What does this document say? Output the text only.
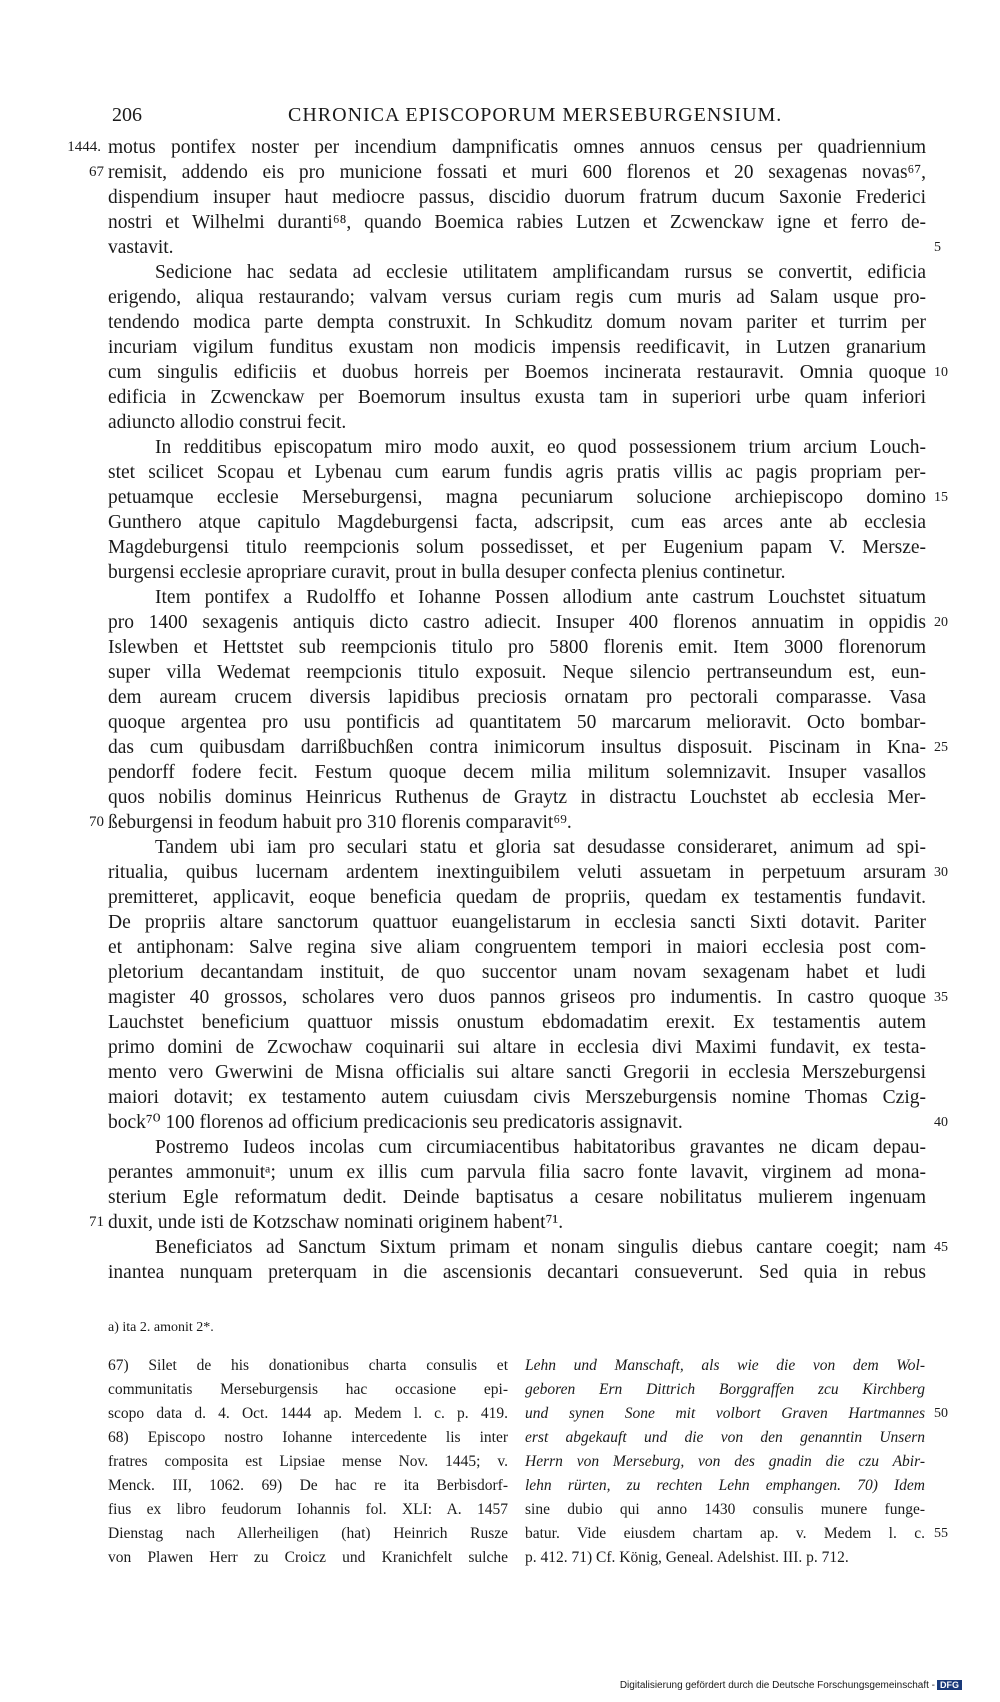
206	CHRONICA EPISCOPORUM MERSEBURGENSIUM.
1444.
67
70
71
5
10
15
20
25
30
35
40
45
motus pontifex noster per incendium dampnificatis omnes annuos census per quadriennium
remisit, addendo eis pro municione fossati et muri 600 florenos et 20 sexagenas novas⁶⁷,
dispendium insuper haut mediocre passus, discidio duorum fratrum ducum Saxonie Frederici
nostri et Wilhelmi duranti⁶⁸, quando Boemica rabies Lutzen et Zcwenckaw igne et ferro de-
vastavit.
Sedicione hac sedata ad ecclesie utilitatem amplificandam rursus se convertit, edificia
erigendo, aliqua restaurando; valvam versus curiam regis cum muris ad Salam usque pro-
tendendo modica parte dempta construxit. In Schkuditz domum novam pariter et turrim per
incuriam vigilum funditus exustam non modicis impensis reedificavit, in Lutzen granarium
cum singulis edificiis et duobus horreis per Boemos incinerata restauravit. Omnia quoque
edificia in Zcwenckaw per Boemorum insultus exusta tam in superiori urbe quam inferiori
adiuncto allodio construi fecit.
In redditibus episcopatum miro modo auxit, eo quod possessionem trium arcium Louch-
stet scilicet Scopau et Lybenau cum earum fundis agris pratis villis ac pagis propriam per-
petuamque ecclesie Merseburgensi, magna pecuniarum solucione archiepiscopo domino
Gunthero atque capitulo Magdeburgensi facta, adscripsit, cum eas arces ante ab ecclesia
Magdeburgensi titulo reempcionis solum possedisset, et per Eugenium papam V. Mersze-
burgensi ecclesie apropriare curavit, prout in bulla desuper confecta plenius continetur.
Item pontifex a Rudolffo et Iohanne Possen allodium ante castrum Louchstet situatum
pro 1400 sexagenis antiquis dicto castro adiecit. Insuper 400 florenos annuatim in oppidis
Islewben et Hettstet sub reempcionis titulo pro 5800 florenis emit. Item 3000 florenorum
super villa Wedemat reempcionis titulo exposuit. Neque silencio pertranseundum est, eun-
dem auream crucem diversis lapidibus preciosis ornatam pro pectorali comparasse. Vasa
quoque argentea pro usu pontificis ad quantitatem 50 marcarum melioravit. Octo bombar-
das cum quibusdam darrißbuchßen contra inimicorum insultus disposuit. Piscinam in Kna-
pendorff fodere fecit. Festum quoque decem milia militum solemnizavit. Insuper vasallos
quos nobilis dominus Heinricus Ruthenus de Graytz in distractu Louchstet ab ecclesia Mer-
ßeburgensi in feodum habuit pro 310 florenis comparavit⁶⁹.
Tandem ubi iam pro seculari statu et gloria sat desudasse consideraret, animum ad spi-
ritualia, quibus lucernam ardentem inextinguibilem veluti assuetam in perpetuum arsuram
premitteret, applicavit, eoque beneficia quedam de propriis, quedam ex testamentis fundavit.
De propriis altare sanctorum quattuor euangelistarum in ecclesia sancti Sixti dotavit. Pariter
et antiphonam: Salve regina sive aliam congruentem tempori in maiori ecclesia post com-
pletorium decantandam instituit, de quo succentor unam novam sexagenam habet et ludi
magister 40 grossos, scholares vero duos pannos griseos pro indumentis. In castro quoque
Lauchstet beneficium quattuor missis onustum ebdomadatim erexit. Ex testamentis autem
primo domini de Zcwochaw coquinarii sui altare in ecclesia divi Maximi fundavit, ex testa-
mento vero Gwerwini de Misna officialis sui altare sancti Gregorii in ecclesia Merszeburgensi
maiori dotavit; ex testamento autem cuiusdam civis Merszeburgensis nomine Thomas Czig-
bock⁷⁰ 100 florenos ad officium predicacionis seu predicatoris assignavit.
Postremo Iudeos incolas cum circumiacentibus habitatoribus gravantes ne dicam depau-
perantes ammonuitᵃ; unum ex illis cum parvula filia sacro fonte lavavit, virginem ad mona-
sterium Egle reformatum dedit. Deinde baptisatus a cesare nobilitatus mulierem ingenuam
duxit, unde isti de Kotzschaw nominati originem habent⁷¹.
Beneficiatos ad Sanctum Sixtum primam et nonam singulis diebus cantare coegit; nam
inantea nunquam preterquam in die ascensionis decantari consueverunt. Sed quia in rebus
a) ita 2. amonit 2*.
67) Silet de his donationibus charta consulis et
communitatis Merseburgensis hac occasione epi-
scopo data d. 4. Oct. 1444 ap. Medem l. c. p. 419.
68) Episcopo nostro Iohanne intercedente lis inter
fratres composita est Lipsiae mense Nov. 1445; v.
Menck. III, 1062. 69) De hac re ita Berbisdorf-
fius ex libro feudorum Iohannis fol. XLI: A. 1457
Dienstag nach Allerheiligen (hat) Heinrich Rusze
von Plawen Herr zu Croicz und Kranichfelt sulche
Lehn und Manschaft, als wie die von dem Wol-
geboren Ern Dittrich Borggraffen zcu Kirchberg
und synen Sone mit volbort Graven Hartmannes
erst abgekauft und die von den genanntin Unsern
Herrn von Merseburg, von des gnadin die czu Abir-
lehn rürten, zu rechten Lehn emphangen. 70) Idem
sine dubio qui anno 1430 consulis munere funge-
batur. Vide eiusdem chartam ap. v. Medem l. c.
p. 412. 71) Cf. König, Geneal. Adelshist. III. p. 712.
50
55
Digitalisierung gefördert durch die Deutsche Forschungsgemeinschaft - DFG
